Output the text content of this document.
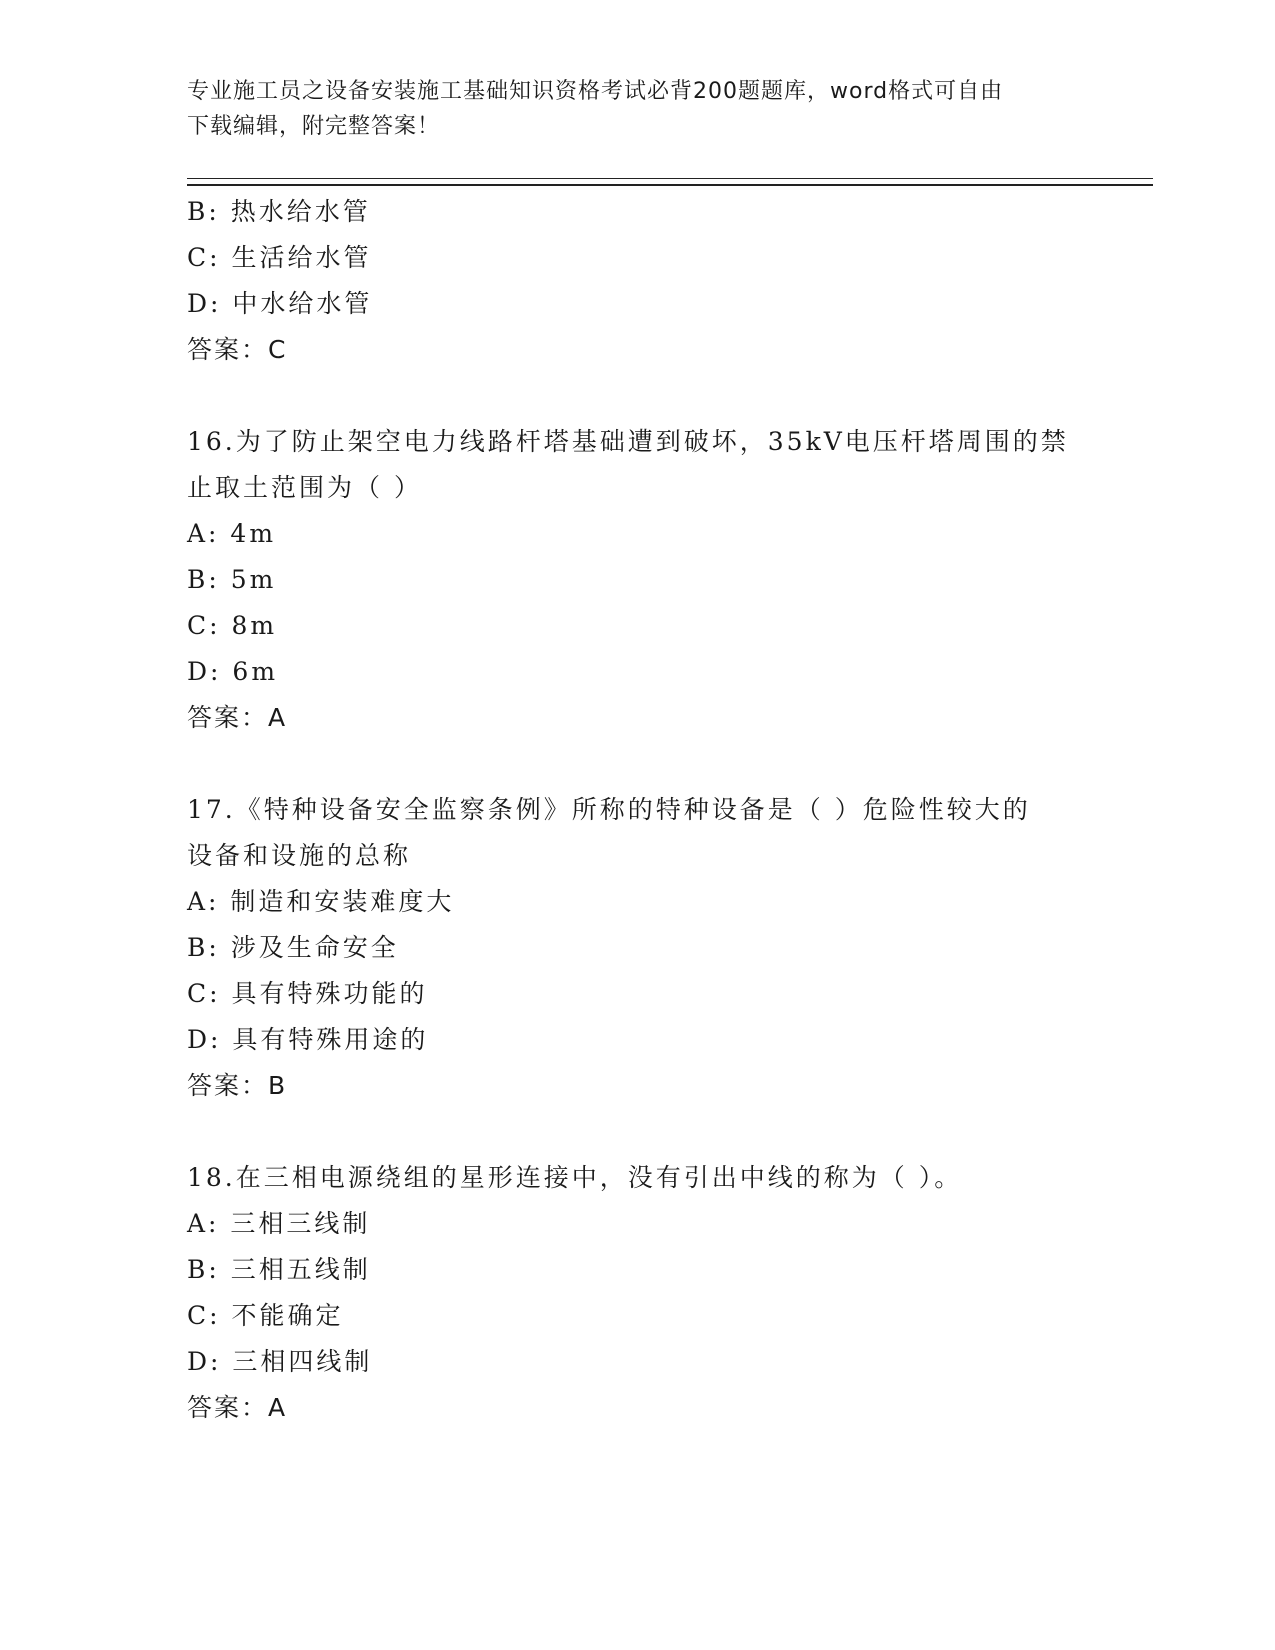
专业施工员之设备安装施工基础知识资格考试必背200题题库，word格式可自由
下载编辑，附完整答案！
B: 热水给水管
C: 生活给水管
D: 中水给水管
答案：C
16.为了防止架空电力线路杆塔基础遭到破坏，35kV电压杆塔周围的禁
止取土范围为（ ）
A: 4m
B: 5m
C: 8m
D: 6m
答案：A
17.《特种设备安全监察条例》所称的特种设备是（ ）危险性较大的
设备和设施的总称
A: 制造和安装难度大
B: 涉及生命安全
C: 具有特殊功能的
D: 具有特殊用途的
答案：B
18.在三相电源绕组的星形连接中，没有引出中线的称为（ ）。
A: 三相三线制
B: 三相五线制
C: 不能确定
D: 三相四线制
答案：A
